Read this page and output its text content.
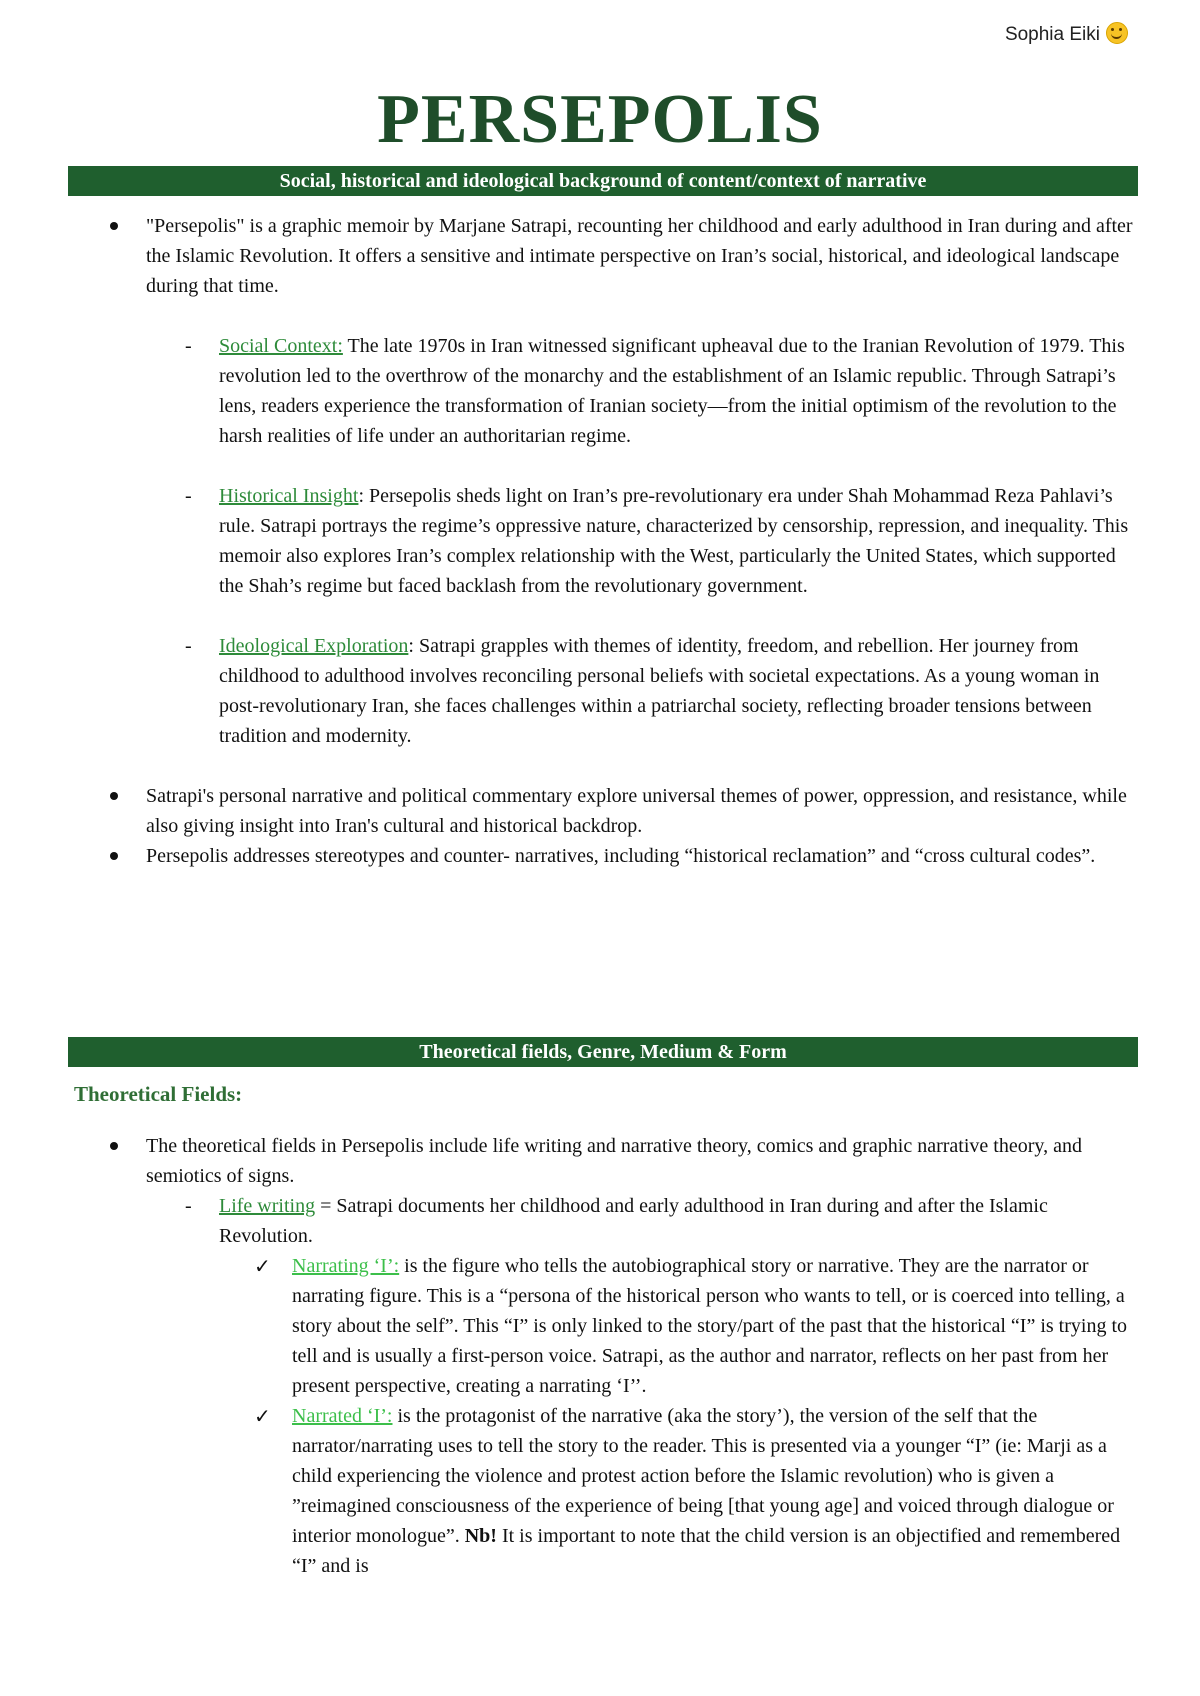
Sophia Eiki
PERSEPOLIS
Social, historical and ideological background of content/context of narrative
"Persepolis" is a graphic memoir by Marjane Satrapi, recounting her childhood and early adulthood in Iran during and after the Islamic Revolution. It offers a sensitive and intimate perspective on Iran’s social, historical, and ideological landscape during that time.
- Social Context: The late 1970s in Iran witnessed significant upheaval due to the Iranian Revolution of 1979. This revolution led to the overthrow of the monarchy and the establishment of an Islamic republic. Through Satrapi’s lens, readers experience the transformation of Iranian society—from the initial optimism of the revolution to the harsh realities of life under an authoritarian regime.
- Historical Insight: Persepolis sheds light on Iran’s pre-revolutionary era under Shah Mohammad Reza Pahlavi’s rule. Satrapi portrays the regime’s oppressive nature, characterized by censorship, repression, and inequality. This memoir also explores Iran’s complex relationship with the West, particularly the United States, which supported the Shah’s regime but faced backlash from the revolutionary government.
- Ideological Exploration: Satrapi grapples with themes of identity, freedom, and rebellion. Her journey from childhood to adulthood involves reconciling personal beliefs with societal expectations. As a young woman in post-revolutionary Iran, she faces challenges within a patriarchal society, reflecting broader tensions between tradition and modernity.
Satrapi's personal narrative and political commentary explore universal themes of power, oppression, and resistance, while also giving insight into Iran's cultural and historical backdrop.
Persepolis addresses stereotypes and counter- narratives, including “historical reclamation” and “cross cultural codes”.
Theoretical fields, Genre, Medium & Form
Theoretical Fields:
The theoretical fields in Persepolis include life writing and narrative theory, comics and graphic narrative theory, and semiotics of signs.
- Life writing = Satrapi documents her childhood and early adulthood in Iran during and after the Islamic Revolution.
✓ Narrating ‘I’: is the figure who tells the autobiographical story or narrative. They are the narrator or narrating figure. This is a “persona of the historical person who wants to tell, or is coerced into telling, a story about the self”. This “I” is only linked to the story/part of the past that the historical “I” is trying to tell and is usually a first-person voice. Satrapi, as the author and narrator, reflects on her past from her present perspective, creating a narrating ‘I’’.
✓ Narrated ‘I’: is the protagonist of the narrative (aka the story’), the version of the self that the narrator/narrating uses to tell the story to the reader. This is presented via a younger “I” (ie: Marji as a child experiencing the violence and protest action before the Islamic revolution) who is given a ”reimagined consciousness of the experience of being [that young age] and voiced through dialogue or interior monologue”. Nb! It is important to note that the child version is an objectified and remembered “I” and is
